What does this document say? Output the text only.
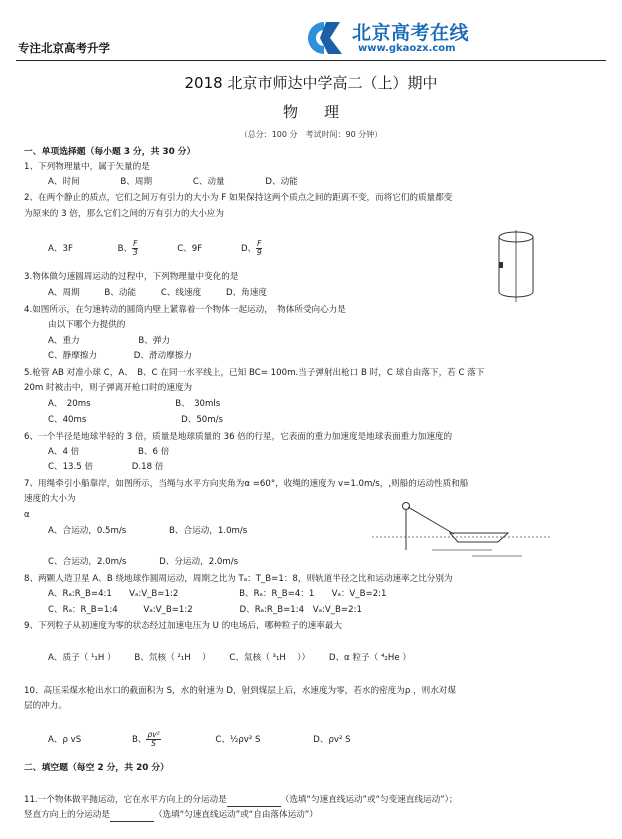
专注北京高考升学
北京高考在线
www.gkaozx.com
2018 北京市师达中学高二（上）期中
物理
（总分：100 分　考试时间：90 分钟）
一、单项选择题（每小题 3 分，共 30 分）
1、下列物理量中，属于矢量的是
A、时间	B、周期	C、动量	D、动能
2、在两个静止的质点，它们之间万有引力的大小为 F 如果保持这两个质点之间的距离不变，而将它们的质量都变
为原来的 3 倍，那么它们之间的万有引力的大小应为
A、3F	B、 $\frac{F}{3}$	C、9F	D、 $\frac{F}{9}$
3.物体做匀速圆周运动的过程中，下列物理量中变化的是
A、周期	B、动能	C、线速度	D、角速度
4.如图所示，在匀速转动的圆筒内壁上紧靠着一个物体一起运动，　物体所受向心力是
由以下哪个力提供的
A、重力	B、弹力
C、静摩擦力	D、滑动摩擦力
5.枪管 AB 对准小球 C，A、　B、C 在同一水平线上，已知 BC= 100m.当子弹射出枪口 B 时，C 球自由落下，若 C 落下
20m 时被击中，则子弹离开枪口时的速度为
A、　20ms	B、　30mls
C、40ms	D、50m/s
6、一个半径是地球半轻的 3 倍，质量是地球质量的 36 倍的行星，它表面的重力加速度是地球表面重力加速度的
A、4 倍	B、6 倍
C、13.5 倍	D.18 倍
7、用绳牵引小船靠岸，如图所示，当绳与水平方向夹角为α =60°，收绳的速度为 v=1.0m/s，,则船的运动性质和船
速度的大小为
α
A、合运动，0.5m/s	B、合运动，1.0m/s
C、合运动，2.0m/s	D、分运动，2.0m/s
8、两颗人造卫星 A、B 绕地球作圆周运动，周期之比为 Tₐ：T_B=1：8，则轨道半径之比和运动速率之比分别为
A、Rₐ:R_B=4:1　　Vₐ:V_B=1:2	B、Rₐ：R_B=4：1　　Vₐ：V_B=2:1
C、Rₐ：R_B=1:4　　　Vₐ:V_B=1:2	D、Rₐ:R_B=1:4　Vₐ:V_B=2:1
9、下列粒子从初速度为零的状态经过加速电压为 U 的电场后，哪种粒子的速率最大
A、质子（ ¹₁H ） B、氘核（ ²₁H 　） C、氚核（ ³₁H 　）） D、α 粒子（ ⁴₂He ）
10、高压采煤水枪出水口的截面积为 S，水的射速为 D，射到煤层上后，水速度为零，若水的密度为ρ ，则水对煤
层的冲力。
A、ρ vS	B、 $\frac{\text{ρv²}}{S}$	C、½ρv² S	D、ρv² S
二、填空题（每空 2 分，共 20 分）
11.一个物体做平抛运动，它在水平方向上的分运动是	（选填“匀速直线运动”或“匀变速直线运动”）；
竖直方向上的分运动是	（选填“匀速直线运动”或“自由落体运动”）
